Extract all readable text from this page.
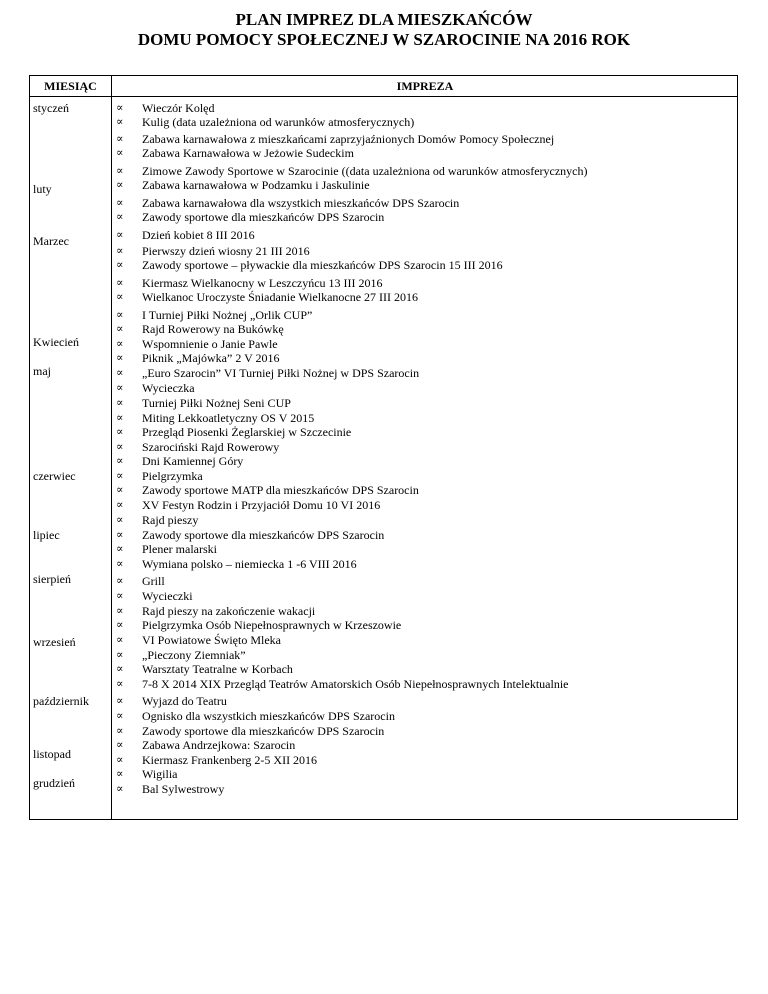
PLAN IMPREZ DLA MIESZKAŃCÓW
DOMU POMOCY SPOŁECZNEJ W SZAROCINIE NA 2016 ROK
MIESIĄC	IMPREZA
∝ Wieczór Kolęd
∝ Kulig (data uzależniona od warunków atmosferycznych)
∝ Zabawa karnawałowa z mieszkańcami zaprzyjaźnionych Domów Pomocy Społecznej
∝ Zabawa Karnawałowa w Jeżowie Sudeckim
∝ Zimowe Zawody Sportowe w Szarocinie ((data uzależniona od warunków atmosferycznych)
∝ Zabawa karnawałowa w Podzamku i Jaskulinie
∝ Zabawa karnawałowa dla wszystkich mieszkańców DPS Szarocin
∝ Zawody sportowe dla mieszkańców DPS Szarocin
∝ Dzień kobiet 8 III 2016
∝ Pierwszy dzień wiosny 21 III 2016
∝ Zawody sportowe – pływackie dla mieszkańców DPS Szarocin 15 III 2016
∝ Kiermasz Wielkanocny w Leszczyńcu 13 III 2016
∝ Wielkanoc Uroczyste Śniadanie Wielkanocne 27 III 2016
∝ I Turniej Piłki Nożnej „Orlik CUP”
∝ Rajd Rowerowy na Bukówkę
∝ Wspomnienie o Janie Pawle
∝ Piknik „Majówka” 2 V 2016
∝ „Euro Szarocin” VI Turniej Piłki Nożnej w DPS Szarocin
∝ Wycieczka
∝ Turniej Piłki Nożnej Seni CUP
∝ Miting Lekkoatletyczny OS V 2015
∝ Przegląd Piosenki Żeglarskiej w Szczecinie
∝ Szarociński Rajd Rowerowy
∝ Dni Kamiennej Góry
∝ Pielgrzymka
∝ Zawody sportowe MATP dla mieszkańców DPS Szarocin
∝ XV Festyn Rodzin i Przyjaciół Domu 10 VI 2016
∝ Rajd pieszy
∝ Zawody sportowe dla mieszkańców DPS Szarocin
∝ Plener malarski
∝ Wymiana polsko – niemiecka 1 -6 VIII 2016
∝ Grill
∝ Wycieczki
∝ Rajd pieszy na zakończenie wakacji
∝ Pielgrzymka Osób Niepełnosprawnych w Krzeszowie
∝ VI Powiatowe Święto Mleka
∝ „Pieczony Ziemniak”
∝ Warsztaty Teatralne w Korbach
∝ 7-8 X 2014 XIX Przegląd Teatrów Amatorskich Osób Niepełnosprawnych Intelektualnie
∝ Wyjazd do Teatru
∝ Ognisko dla wszystkich mieszkańców DPS Szarocin
∝ Zawody sportowe dla mieszkańców DPS Szarocin
∝ Zabawa Andrzejkowa: Szarocin
∝ Kiermasz Frankenberg 2-5 XII 2016
∝ Wigilia
∝ Bal Sylwestrowy
styczeń
luty
Marzec
Kwiecień
maj
czerwiec
lipiec
sierpień
wrzesień
październik
listopad
grudzień
